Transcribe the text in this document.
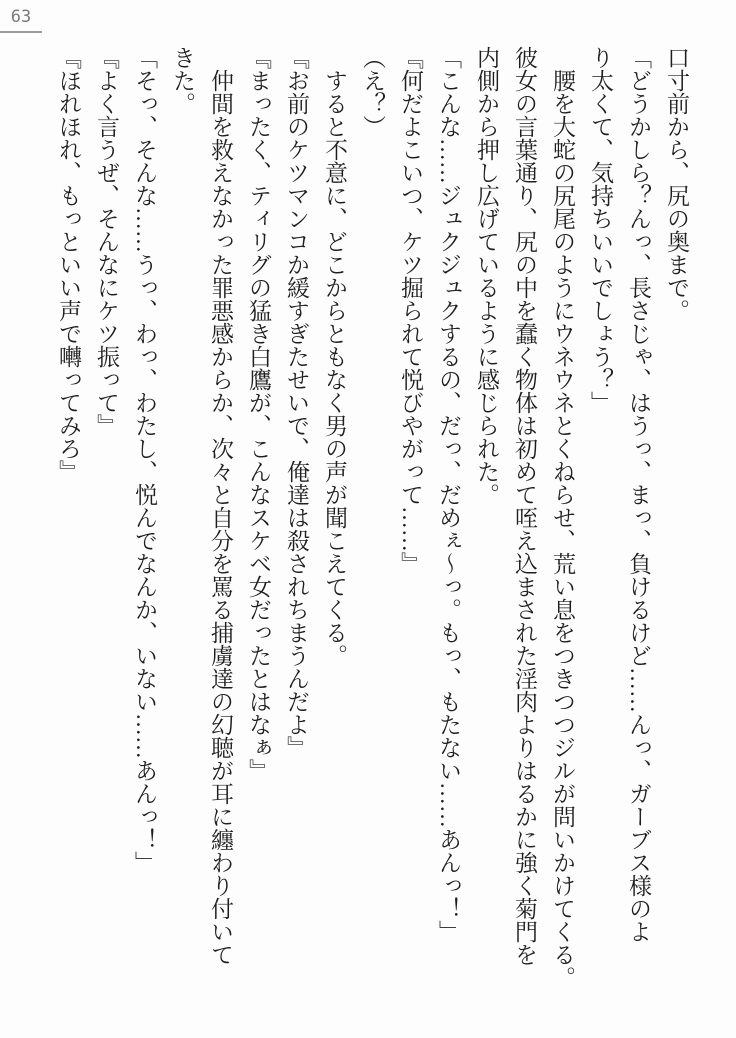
63
口寸前から、尻の奥まで。
「どうかしら？んっ、長さじゃ、はうっ、まっ、負けるけど……んっ、ガーブス様のよ
り太くて、気持ちいいでしょう？」
　腰を大蛇の尻尾のようにウネウネとくねらせ、荒い息をつきつつジルが問いかけてくる。
彼女の言葉通り、尻の中を蠢く物体は初めて咥え込まされた淫肉よりはるかに強く菊門を
内側から押し広げているように感じられた。
「こんな……ジュクジュクするの、だっ、だめぇ～っ。もっ、もたない……あんっ！」
『何だよこいつ、ケツ掘られて悦びやがって……』
（え？）
　すると不意に、どこからともなく男の声が聞こえてくる。
『お前のケツマンコか緩すぎたせいで、俺達は殺されちまうんだよ』
『まったく、ティリグの猛き白鷹が、こんなスケベ女だったとはなぁ』
　仲間を救えなかった罪悪感からか、次々と自分を罵る捕虜達の幻聴が耳に纏わり付いて
きた。
「そっ、そんな……うっ、わっ、わたし、悦んでなんか、いない……あんっ！」
『よく言うぜ、そんなにケツ振って』
『ほれほれ、もっといい声で囀ってみろ』
